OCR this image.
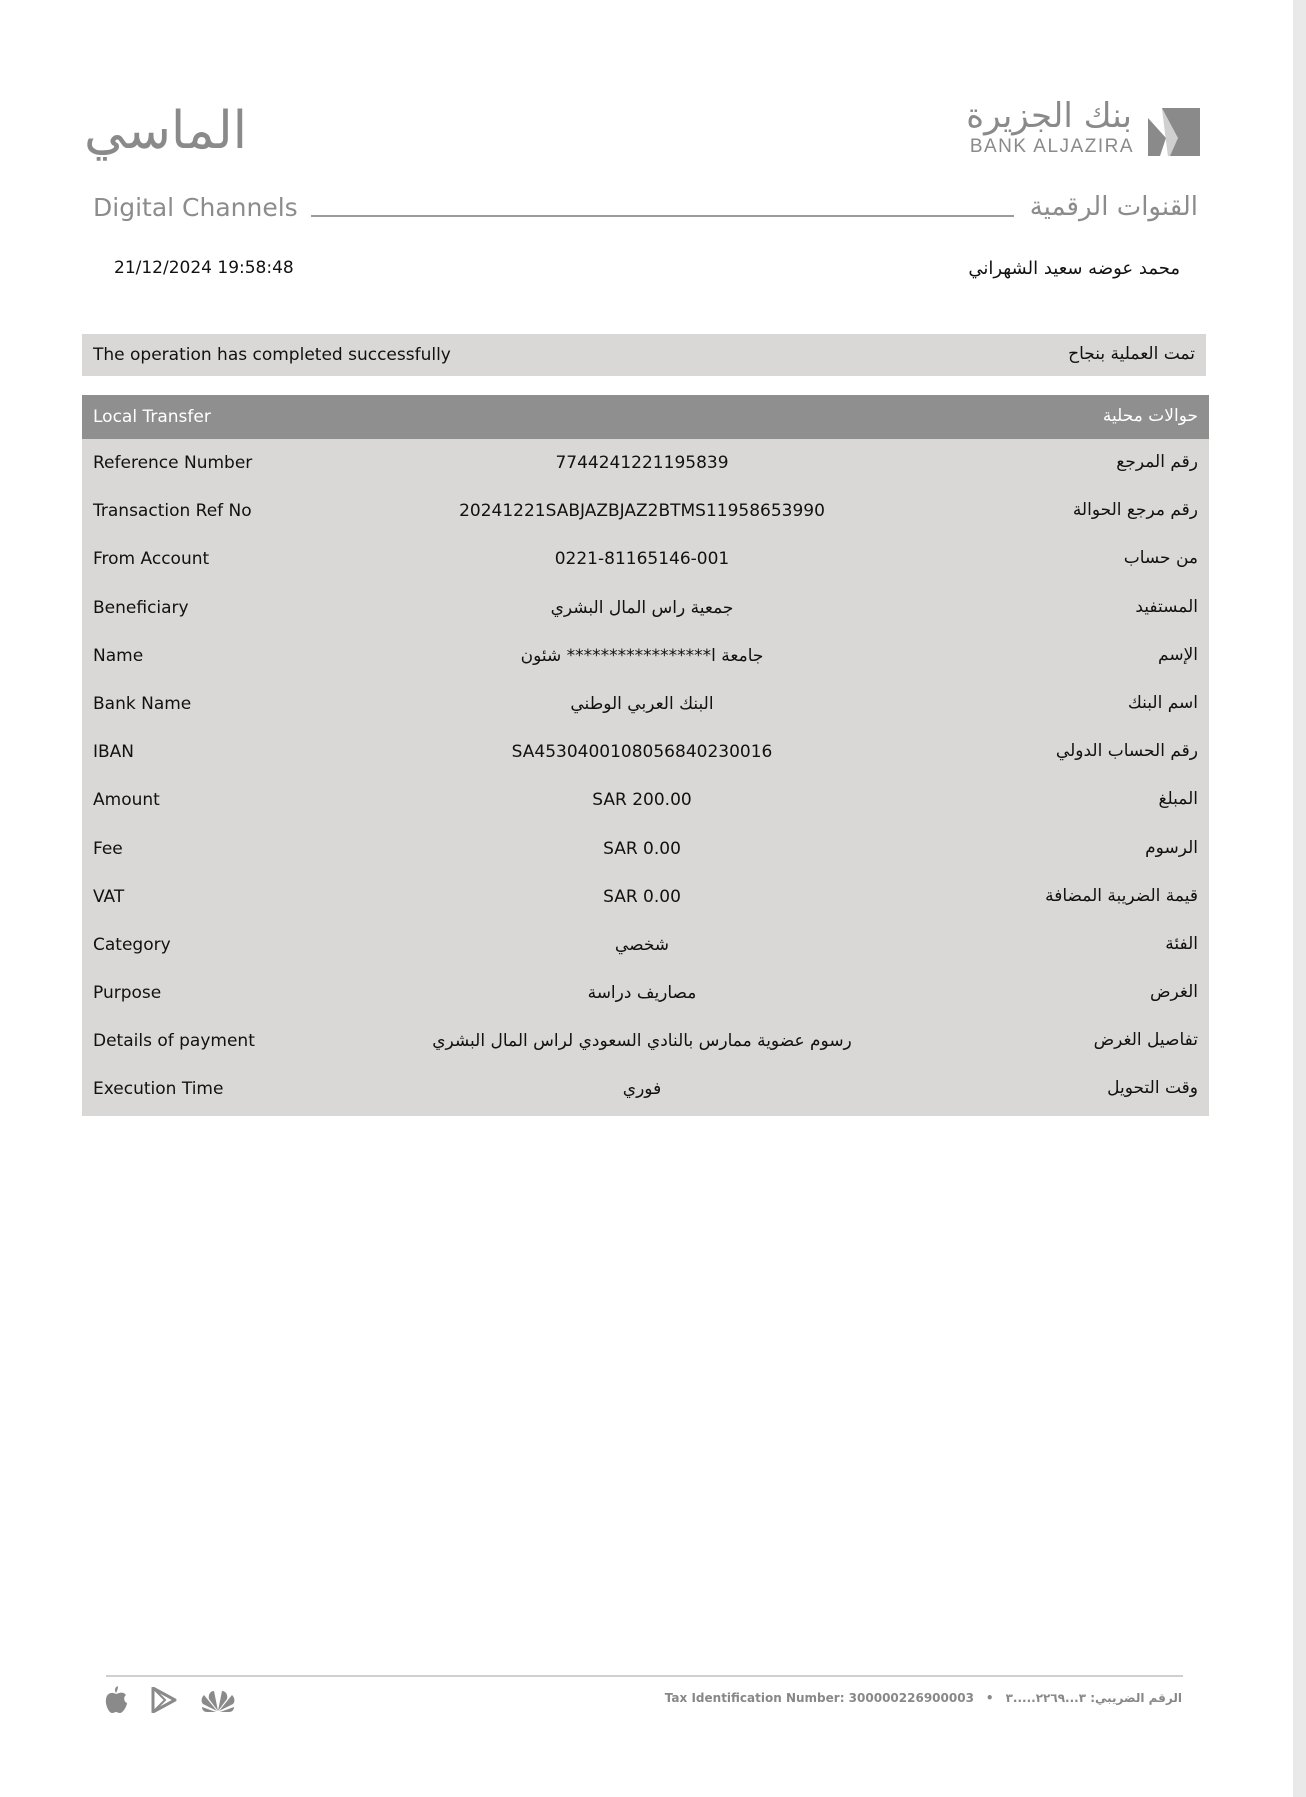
الماسي	بنك الجزيرة
BANK ALJAZIRA
Digital Channels	القنوات الرقمية
21/12/2024 19:58:48	محمد عوضه سعيد الشهراني
The operation has completed successfully	تمت العملية بنجاح
Local Transfer	حوالات محلية
Reference Number	7744241221195839	رقم المرجع
Transaction Ref No	20241221SABJAZBJAZ2BTMS11958653990	رقم مرجع الحوالة
From Account	0221-81165146-001	من حساب
Beneficiary	جمعية راس المال البشري	المستفيد
Name	جامعة ا***************** شئون	الإسم
Bank Name	البنك العربي الوطني	اسم البنك
IBAN	SA4530400108056840230016	رقم الحساب الدولي
Amount	SAR 200.00	المبلغ
Fee	SAR 0.00	الرسوم
VAT	SAR 0.00	قيمة الضريبة المضافة
Category	شخصي	الفئة
Purpose	مصاريف دراسة	الغرض
Details of payment	رسوم عضوية ممارس بالنادي السعودي لراس المال البشري	تفاصيل الغرض
Execution Time	فوري	وقت التحويل

Tax Identification Number: 300000226900003 • الرقم الضريبي: ٣...٢٢٦٩.....٣
